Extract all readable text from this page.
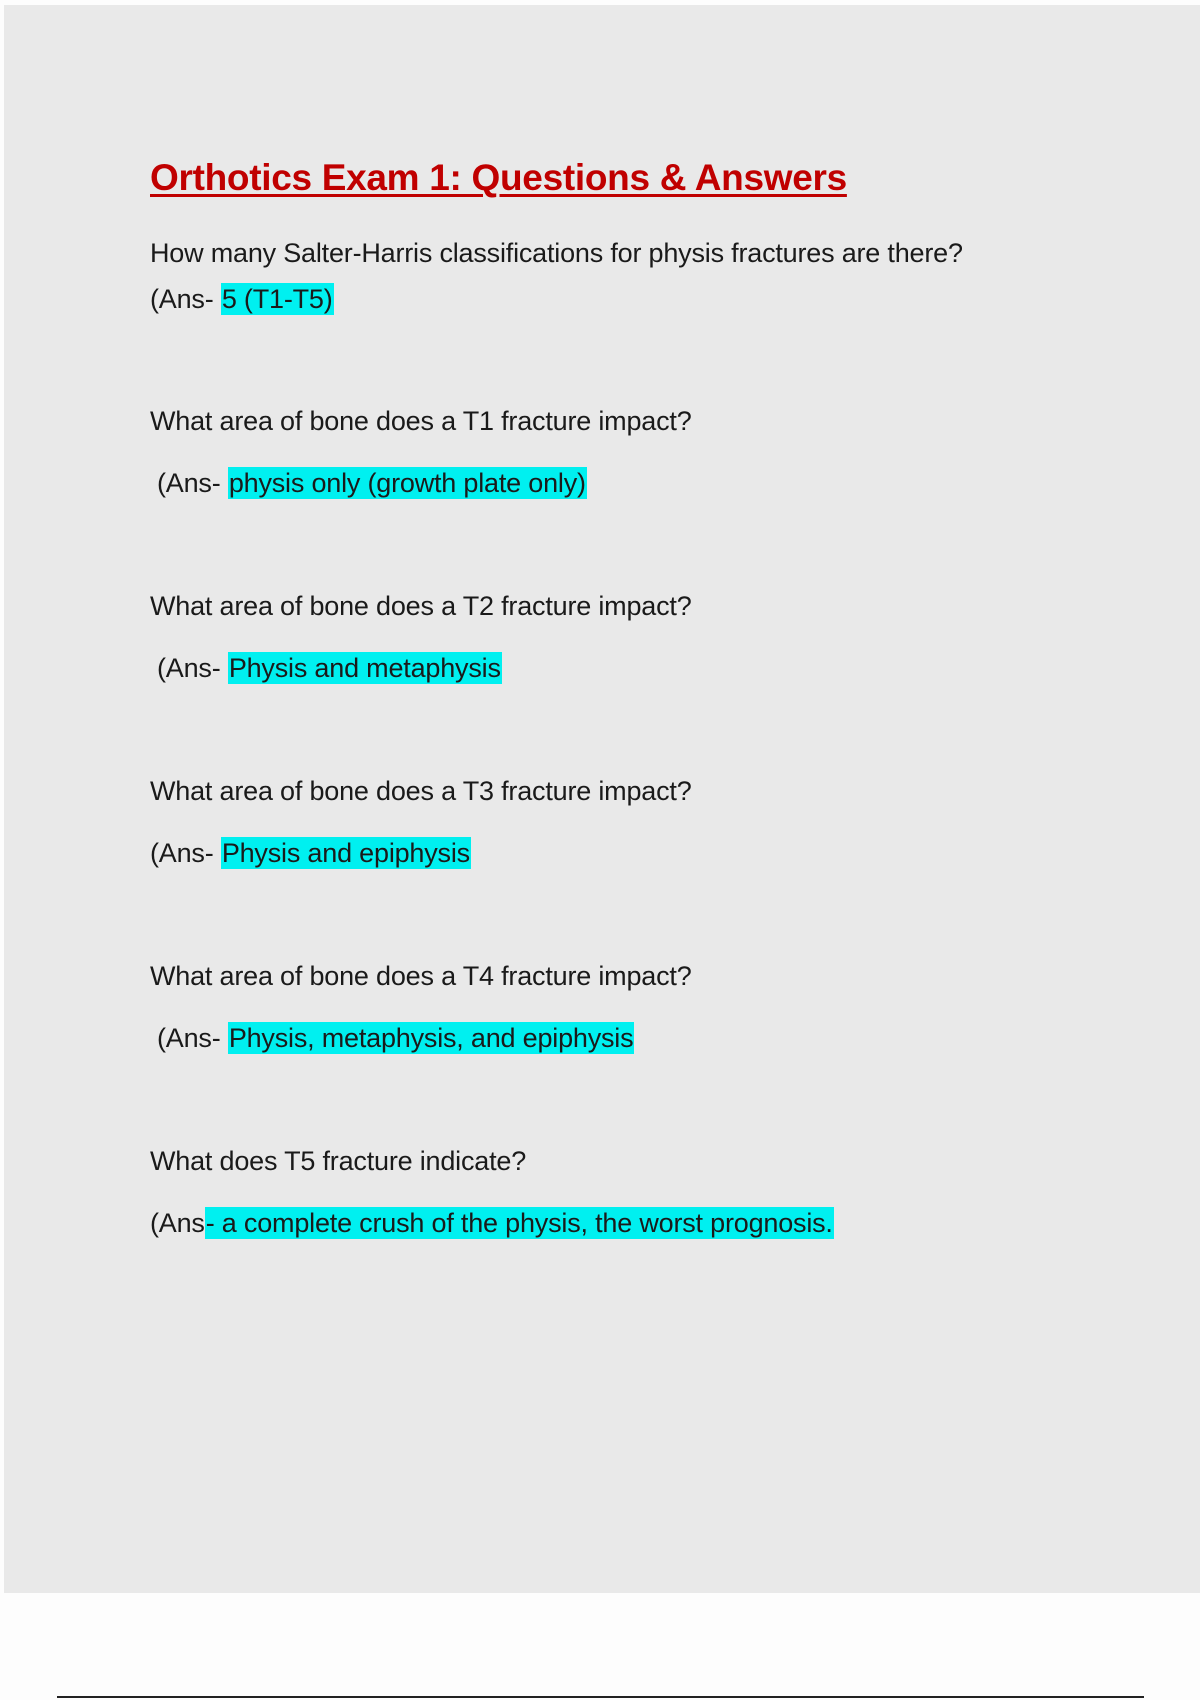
Orthotics Exam 1: Questions & Answers

How many Salter-Harris classifications for physis fractures are there?

(Ans- 5 (T1-T5)

What area of bone does a T1 fracture impact?

(Ans- physis only (growth plate only)

What area of bone does a T2 fracture impact?

(Ans- Physis and metaphysis

What area of bone does a T3 fracture impact?

(Ans- Physis and epiphysis

What area of bone does a T4 fracture impact?

(Ans- Physis, metaphysis, and epiphysis

What does T5 fracture indicate?

(Ans- a complete crush of the physis, the worst prognosis.
